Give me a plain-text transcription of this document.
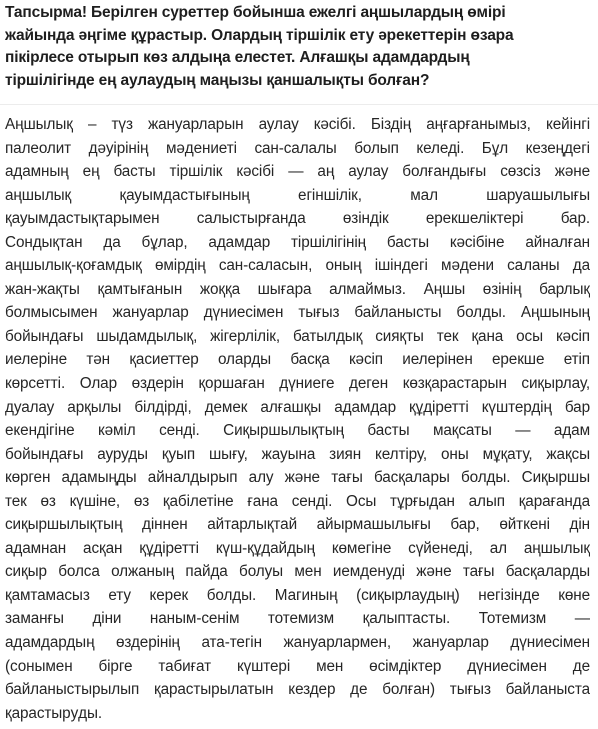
Тапсырма! Берілген суреттер бойынша ежелгі аңшылардың өмірі
жайында әңгіме құрастыр. Олардың тіршілік ету әрекеттерін өзара
пікірлесе отырып көз алдыңа елестет. Алғашқы адамдардың
тіршілігінде ең аулаудың маңызы қаншалықты болған?
Аңшылық – түз жануарларын аулау кәсібі. Біздің аңғарғанымыз, кейінгі
палеолит дәуірінің мәдениеті сан-салалы болып келеді. Бұл кезеңдегі
адамның ең басты тіршілік кәсібі — аң аулау болғандығы сөзсіз және
аңшылық қауымдастығының егіншілік, мал шаруашылығы
қауымдастықтарымен салыстырғанда өзіндік ерекшеліктері бар.
Сондықтан да бұлар, адамдар тіршілігінің басты кәсібіне айналған
аңшылық-қоғамдық өмірдің сан-саласын, оның ішіндегі мәдени саланы да
жан-жақты қамтығанын жоққа шығара алмаймыз. Аңшы өзінің барлық
болмысымен жануарлар дүниесімен тығыз байланысты болды. Аңшының
бойындағы шыдамдылық, жігерлілік, батылдық сияқты тек қана осы кәсіп
иелеріне тән қасиеттер оларды басқа кәсіп иелерінен ерекше етіп
көрсетті. Олар өздерін қоршаған дүниеге деген көзқарастарын сиқырлау,
дуалау арқылы білдірді, демек алғашқы адамдар құдіретті күштердің бар
екендігіне кәміл сенді. Сиқыршылықтың басты мақсаты — адам
бойындағы ауруды қуып шығу, жауына зиян келтіру, оны мұқату, жақсы
көрген адамыңды айналдырып алу және тағы басқалары болды. Сиқыршы
тек өз күшіне, өз қабілетіне ғана сенді. Осы тұрғыдан алып қарағанда
сиқыршылықтың діннен айтарлықтай айырмашылығы бар, өйткені дін
адамнан асқан құдіретті күш-құдайдың көмегіне сүйенеді, ал аңшылық
сиқыр болса олжаның пайда болуы мен иемденуді және тағы басқаларды
қамтамасыз ету керек болды. Магиның (сиқырлаудың) негізінде көне
заманғы діни наным-сенім тотемизм қалыптасты. Тотемизм —
адамдардың өздерінің ата-тегін жануарлармен, жануарлар дүниесімен
(сонымен бірге табиғат күштері мен өсімдіктер дүниесімен де
байланыстырылып қарастырылатын кездер де болған) тығыз байланыста
қарастырyды.
